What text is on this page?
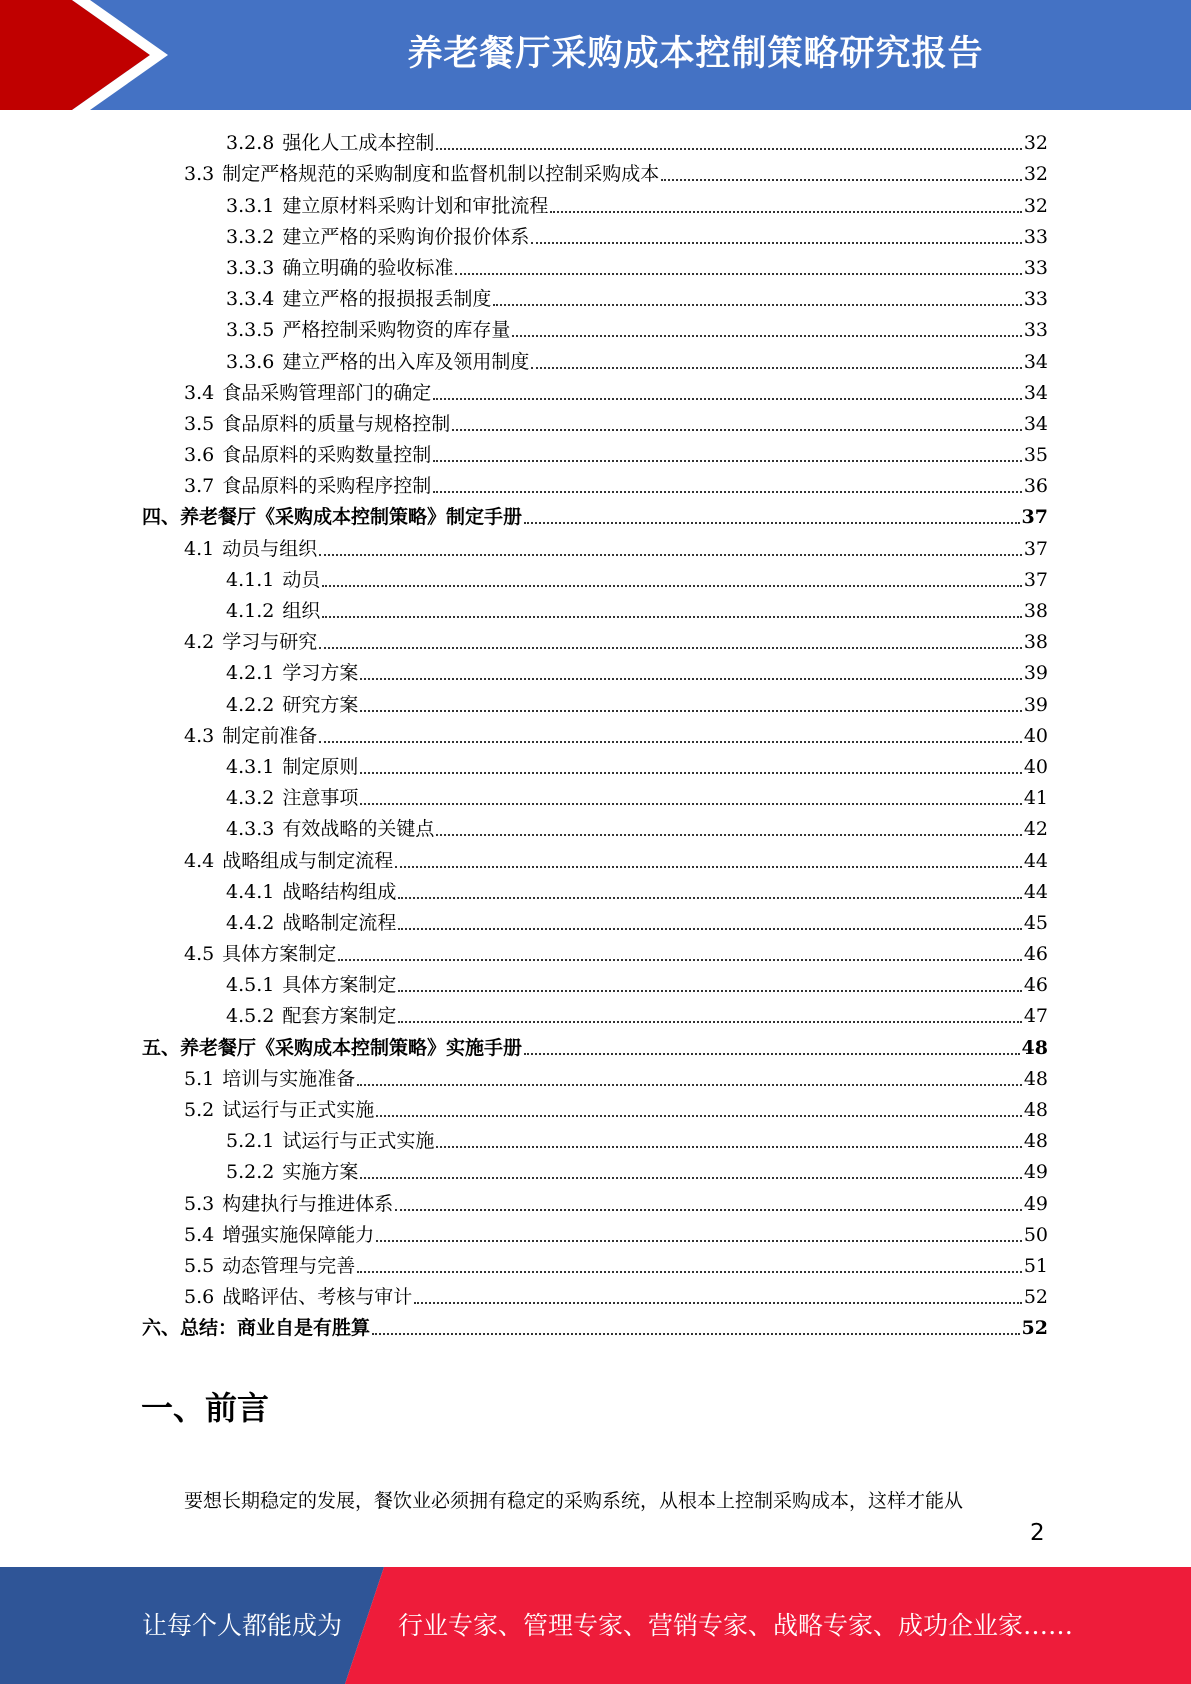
养老餐厅采购成本控制策略研究报告
3.2.8 强化人工成本控制	32
3.3 制定严格规范的采购制度和监督机制以控制采购成本	32
3.3.1 建立原材料采购计划和审批流程	32
3.3.2 建立严格的采购询价报价体系	33
3.3.3 确立明确的验收标准	33
3.3.4 建立严格的报损报丢制度	33
3.3.5 严格控制采购物资的库存量	33
3.3.6 建立严格的出入库及领用制度	34
3.4 食品采购管理部门的确定	34
3.5 食品原料的质量与规格控制	34
3.6 食品原料的采购数量控制	35
3.7 食品原料的采购程序控制	36
四、 养老餐厅《采购成本控制策略》制定手册	37
4.1 动员与组织	37
4.1.1 动员	37
4.1.2 组织	38
4.2 学习与研究	38
4.2.1 学习方案	39
4.2.2 研究方案	39
4.3 制定前准备	40
4.3.1 制定原则	40
4.3.2 注意事项	41
4.3.3 有效战略的关键点	42
4.4 战略组成与制定流程	44
4.4.1 战略结构组成	44
4.4.2 战略制定流程	45
4.5 具体方案制定	46
4.5.1 具体方案制定	46
4.5.2 配套方案制定	47
五、 养老餐厅《采购成本控制策略》实施手册	48
5.1 培训与实施准备	48
5.2 试运行与正式实施	48
5.2.1 试运行与正式实施	48
5.2.2 实施方案	49
5.3 构建执行与推进体系	49
5.4 增强实施保障能力	50
5.5 动态管理与完善	51
5.6 战略评估、考核与审计	52
六、 总结：商业自是有胜算	52
一、前言
要想长期稳定的发展，餐饮业必须拥有稳定的采购系统，从根本上控制采购成本，这样才能从
2
让每个人都能成为 行业专家、管理专家、营销专家、战略专家、成功企业家……
